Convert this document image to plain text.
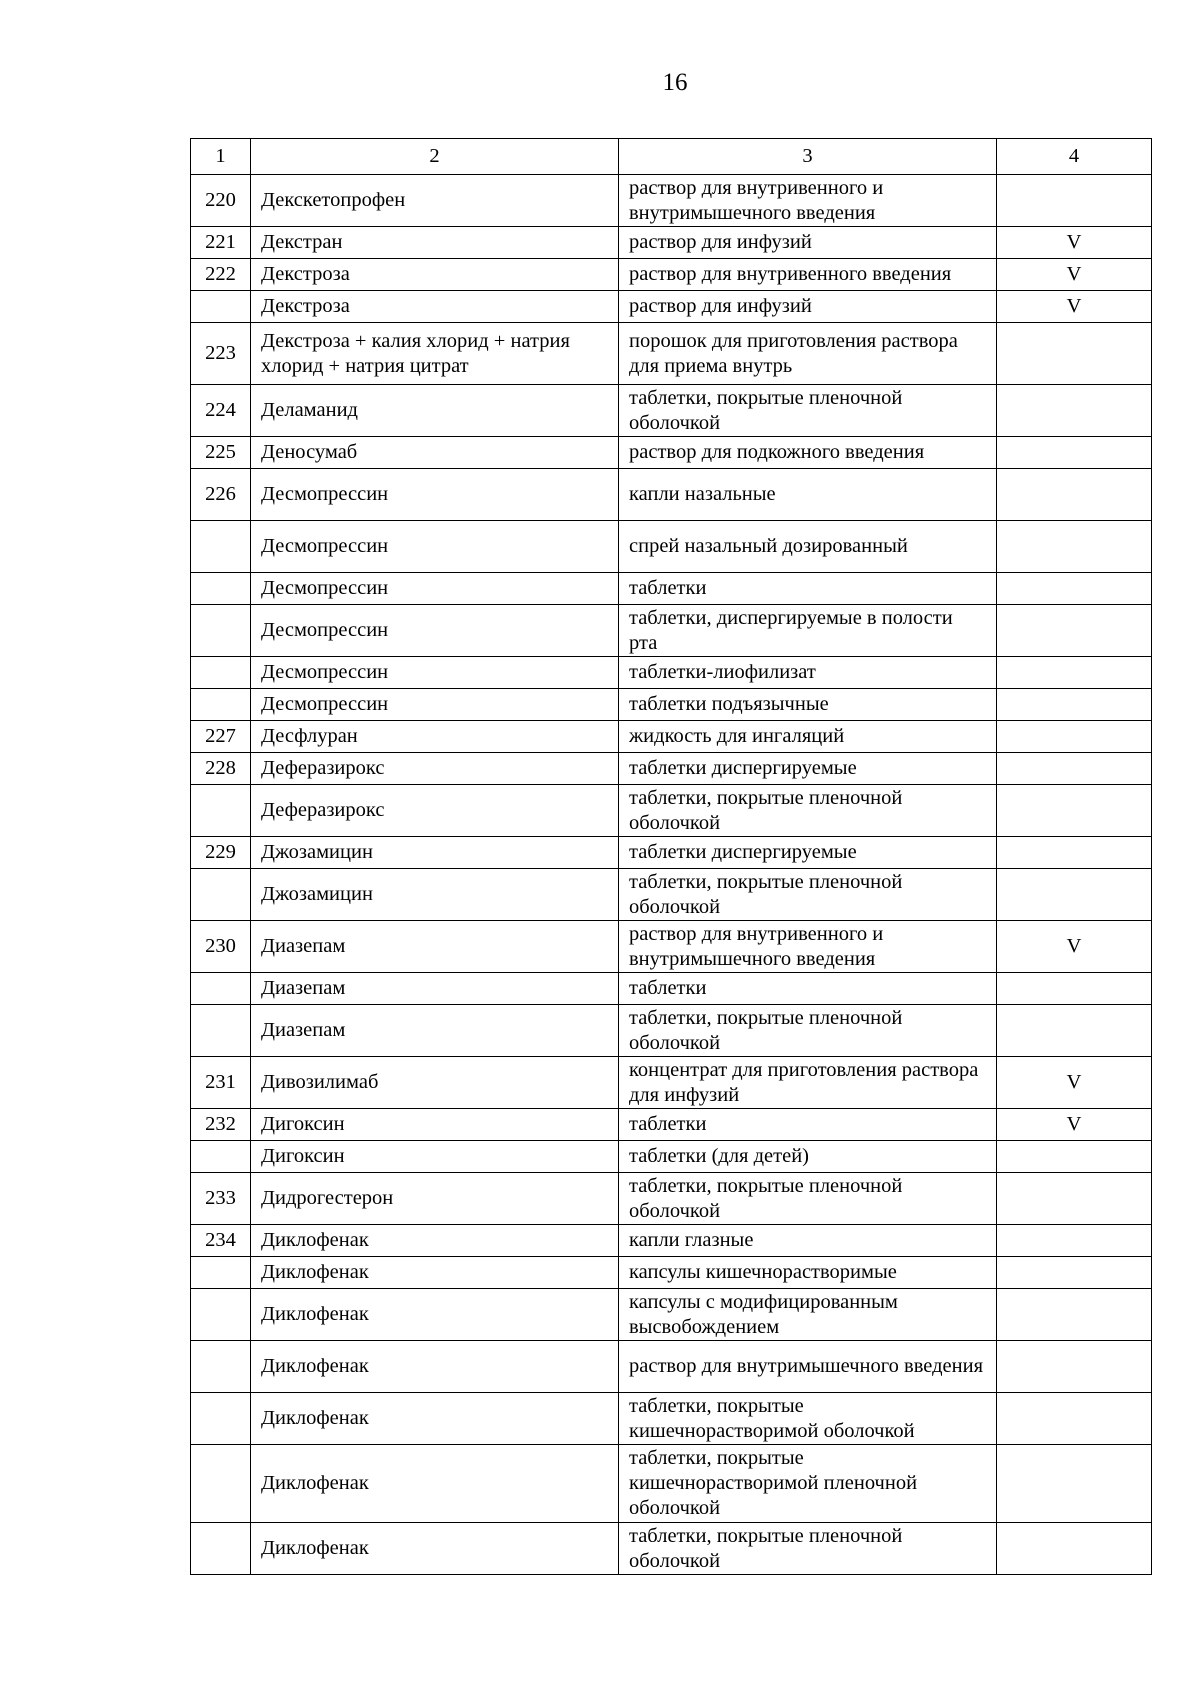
16
1	2	3	4
220	Декскетопрофен	раствор для внутривенного и внутримышечного введения	
221	Декстран	раствор для инфузий	V
222	Декстроза	раствор для внутривенного введения	V
	Декстроза	раствор для инфузий	V
223	Декстроза + калия хлорид + натрия хлорид + натрия цитрат	порошок для приготовления раствора для приема внутрь	
224	Деламанид	таблетки, покрытые пленочной оболочкой	
225	Деносумаб	раствор для подкожного введения	
226	Десмопрессин	капли назальные	
	Десмопрессин	спрей назальный дозированный	
	Десмопрессин	таблетки	
	Десмопрессин	таблетки, диспергируемые в полости рта	
	Десмопрессин	таблетки-лиофилизат	
	Десмопрессин	таблетки подъязычные	
227	Десфлуран	жидкость для ингаляций	
228	Деферазирокс	таблетки диспергируемые	
	Деферазирокс	таблетки, покрытые пленочной оболочкой	
229	Джозамицин	таблетки диспергируемые	
	Джозамицин	таблетки, покрытые пленочной оболочкой	
230	Диазепам	раствор для внутривенного и внутримышечного введения	V
	Диазепам	таблетки	
	Диазепам	таблетки, покрытые пленочной оболочкой	
231	Дивозилимаб	концентрат для приготовления раствора для инфузий	V
232	Дигоксин	таблетки	V
	Дигоксин	таблетки (для детей)	
233	Дидрогестерон	таблетки, покрытые пленочной оболочкой	
234	Диклофенак	капли глазные	
	Диклофенак	капсулы кишечнорастворимые	
	Диклофенак	капсулы с модифицированным высвобождением	
	Диклофенак	раствор для внутримышечного введения	
	Диклофенак	таблетки, покрытые кишечнорастворимой оболочкой	
	Диклофенак	таблетки, покрытые кишечнорастворимой пленочной оболочкой	
	Диклофенак	таблетки, покрытые пленочной оболочкой	
